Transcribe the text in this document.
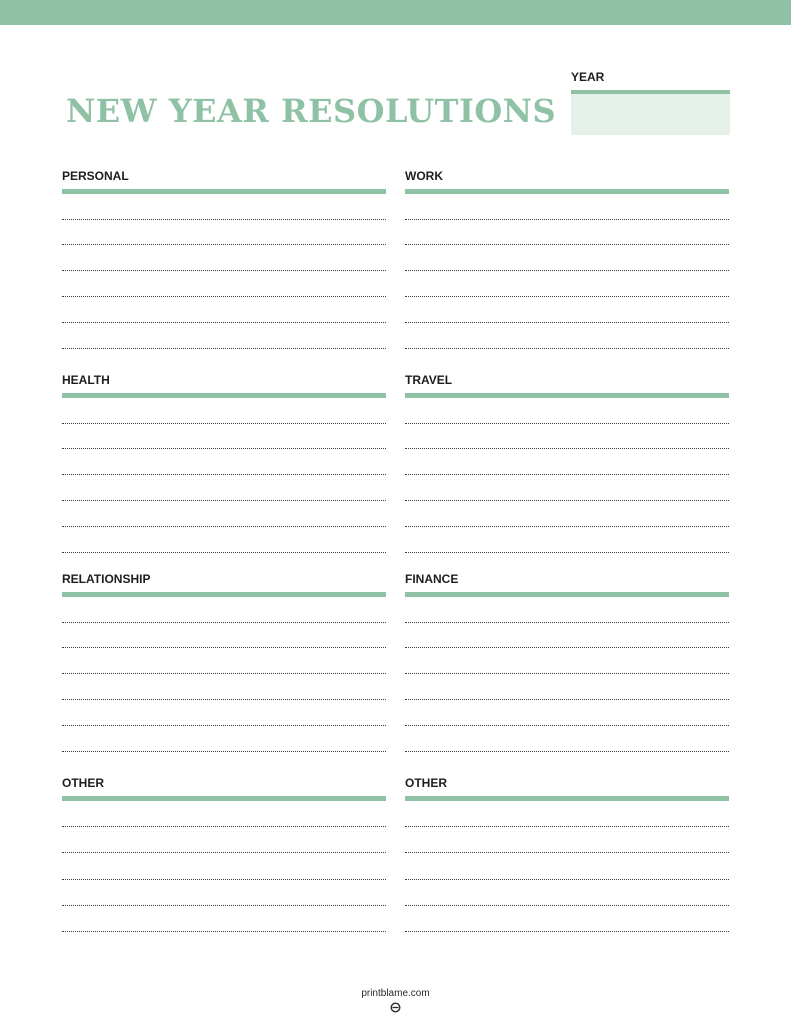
NEW YEAR RESOLUTIONS
YEAR
PERSONAL	WORK
HEALTH	TRAVEL
RELATIONSHIP	FINANCE
OTHER	OTHER
printblame.com
